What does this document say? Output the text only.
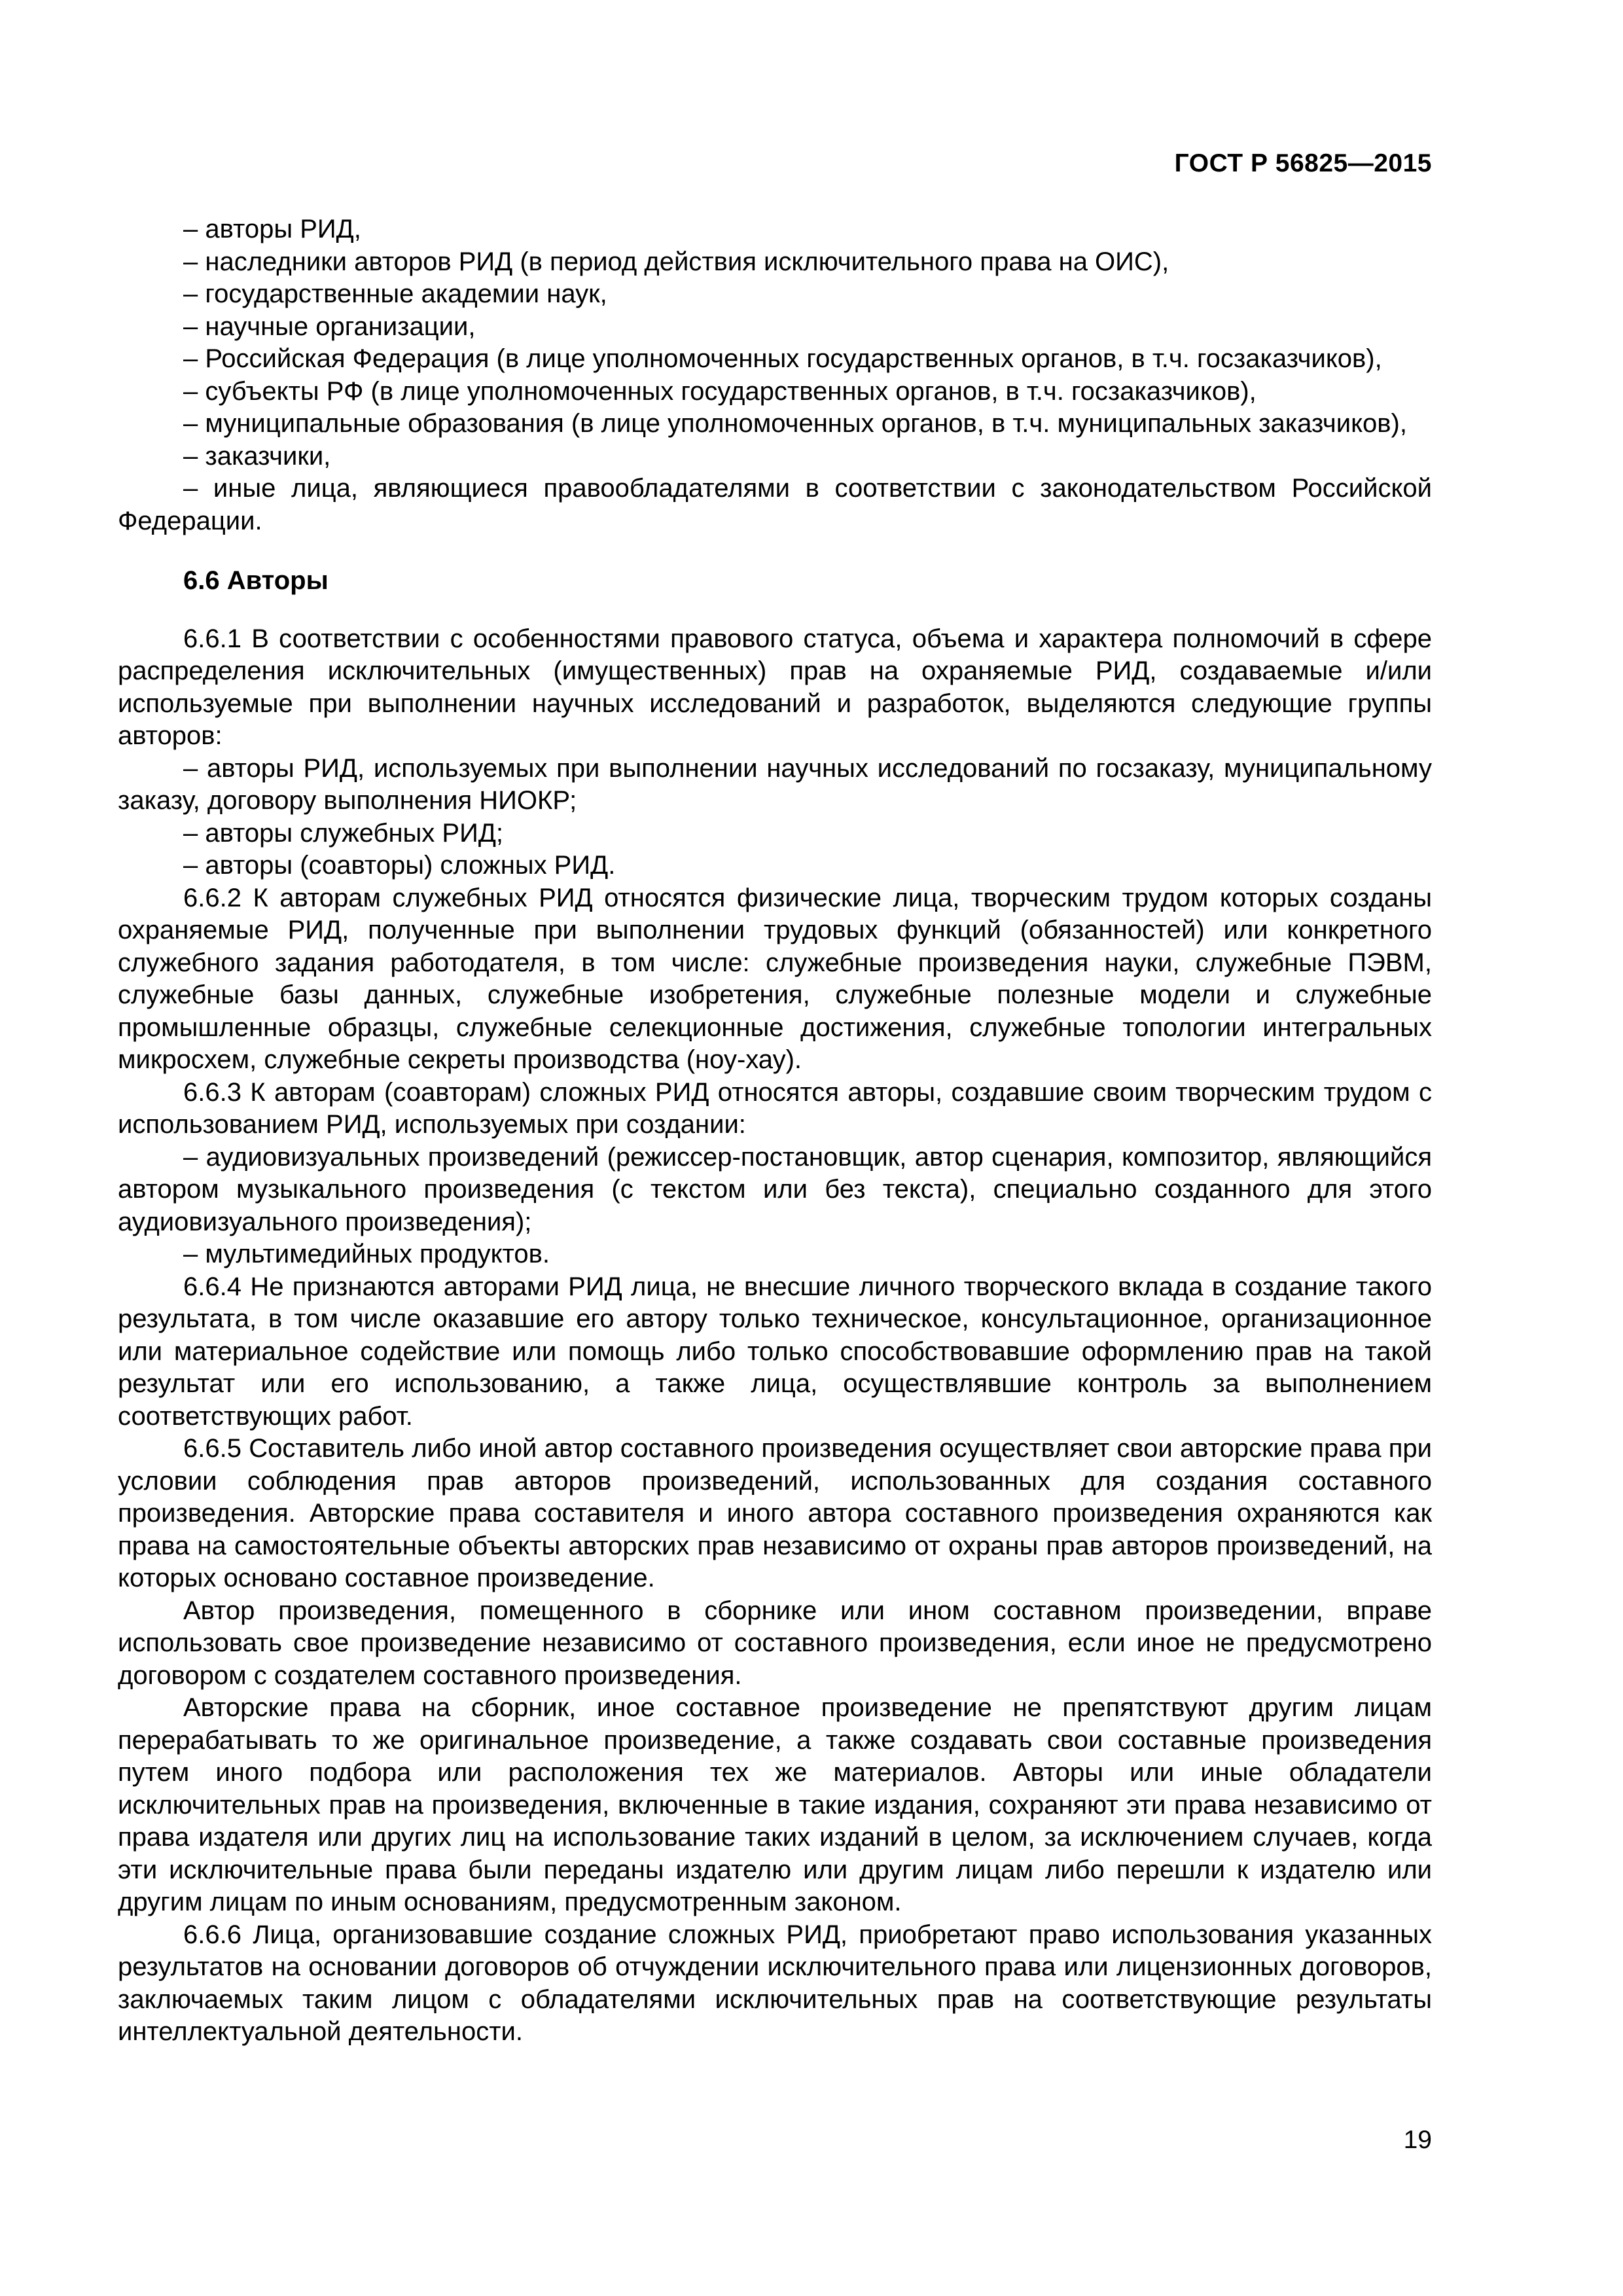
ГОСТ Р 56825—2015

– авторы РИД,

– наследники авторов РИД (в период действия исключительного права на ОИС),

– государственные академии наук,

– научные организации,

– Российская Федерация (в лице уполномоченных государственных органов, в т.ч. госзаказчиков),

– субъекты РФ (в лице уполномоченных государственных органов, в т.ч. госзаказчиков),

– муниципальные образования (в лице уполномоченных органов, в т.ч. муниципальных заказчиков),

– заказчики,

– иные лица, являющиеся правообладателями в соответствии с законодательством Российской Федерации.

6.6 Авторы

6.6.1 В соответствии с особенностями правового статуса, объема и характера полномочий в сфере распределения исключительных (имущественных) прав на охраняемые РИД, создаваемые и/или используемые при выполнении научных исследований и разработок, выделяются следующие группы авторов:

– авторы РИД, используемых при выполнении научных исследований по госзаказу, муниципальному заказу, договору выполнения НИОКР;

– авторы служебных РИД;

– авторы (соавторы) сложных РИД.

6.6.2 К авторам служебных РИД относятся физические лица, творческим трудом которых созданы охраняемые РИД, полученные при выполнении трудовых функций (обязанностей) или конкретного служебного задания работодателя, в том числе: служебные произведения науки, служебные ПЭВМ, служебные базы данных, служебные изобретения, служебные полезные модели и служебные промышленные образцы, служебные селекционные достижения, служебные топологии интегральных микросхем, служебные секреты производства (ноу-хау).

6.6.3 К авторам (соавторам) сложных РИД относятся авторы, создавшие своим творческим трудом с использованием РИД, используемых при создании:

– аудиовизуальных произведений (режиссер-постановщик, автор сценария, композитор, являющийся автором музыкального произведения (с текстом или без текста), специально созданного для этого аудиовизуального произведения);

– мультимедийных продуктов.

6.6.4 Не признаются авторами РИД лица, не внесшие личного творческого вклада в создание такого результата, в том числе оказавшие его автору только техническое, консультационное, организационное или материальное содействие или помощь либо только способствовавшие оформлению прав на такой результат или его использованию, а также лица, осуществлявшие контроль за выполнением соответствующих работ.

6.6.5 Составитель либо иной автор составного произведения осуществляет свои авторские права при условии соблюдения прав авторов произведений, использованных для создания составного произведения. Авторские права составителя и иного автора составного произведения охраняются как права на самостоятельные объекты авторских прав независимо от охраны прав авторов произведений, на которых основано составное произведение.

Автор произведения, помещенного в сборнике или ином составном произведении, вправе использовать свое произведение независимо от составного произведения, если иное не предусмотрено договором с создателем составного произведения.

Авторские права на сборник, иное составное произведение не препятствуют другим лицам перерабатывать то же оригинальное произведение, а также создавать свои составные произведения путем иного подбора или расположения тех же материалов. Авторы или иные обладатели исключительных прав на произведения, включенные в такие издания, сохраняют эти права независимо от права издателя или других лиц на использование таких изданий в целом, за исключением случаев, когда эти исключительные права были переданы издателю или другим лицам либо перешли к издателю или другим лицам по иным основаниям, предусмотренным законом.

6.6.6 Лица, организовавшие создание сложных РИД, приобретают право использования указанных результатов на основании договоров об отчуждении исключительного права или лицензионных договоров, заключаемых таким лицом с обладателями исключительных прав на соответствующие результаты интеллектуальной деятельности.

19
